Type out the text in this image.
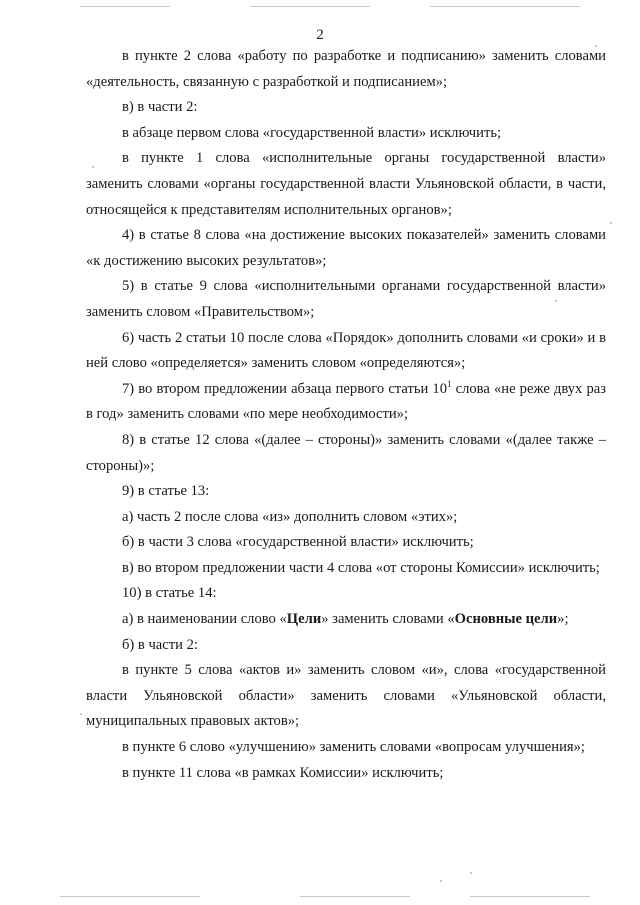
2

в пункте 2 слова «работу по разработке и подписанию» заменить словами «деятельность, связанную с разработкой и подписанием»;

в) в части 2:

в абзаце первом слова «государственной власти» исключить;

в пункте 1 слова «исполнительные органы государственной власти» заменить словами «органы государственной власти Ульяновской области, в части, относящейся к представителям исполнительных органов»;

4) в статье 8 слова «на достижение высоких показателей» заменить словами «к достижению высоких результатов»;

5) в статье 9 слова «исполнительными органами государственной власти» заменить словом «Правительством»;

6) часть 2 статьи 10 после слова «Порядок» дополнить словами «и сроки» и в ней слово «определяется» заменить словом «определяются»;

7) во втором предложении абзаца первого статьи $10^1$ слова «не реже двух раз в год» заменить словами «по мере необходимости»;

8) в статье 12 слова «(далее – стороны)» заменить словами «(далее также – стороны)»;

9) в статье 13:

а) часть 2 после слова «из» дополнить словом «этих»;

б) в части 3 слова «государственной власти» исключить;

в) во втором предложении части 4 слова «от стороны Комиссии» исключить;

10) в статье 14:

а) в наименовании слово «Цели» заменить словами «Основные цели»;

б) в части 2:

в пункте 5 слова «актов и» заменить словом «и», слова «государственной власти Ульяновской области» заменить словами «Ульяновской области, муниципальных правовых актов»;

в пункте 6 слово «улучшению» заменить словами «вопросам улучшения»;

в пункте 11 слова «в рамках Комиссии» исключить;
